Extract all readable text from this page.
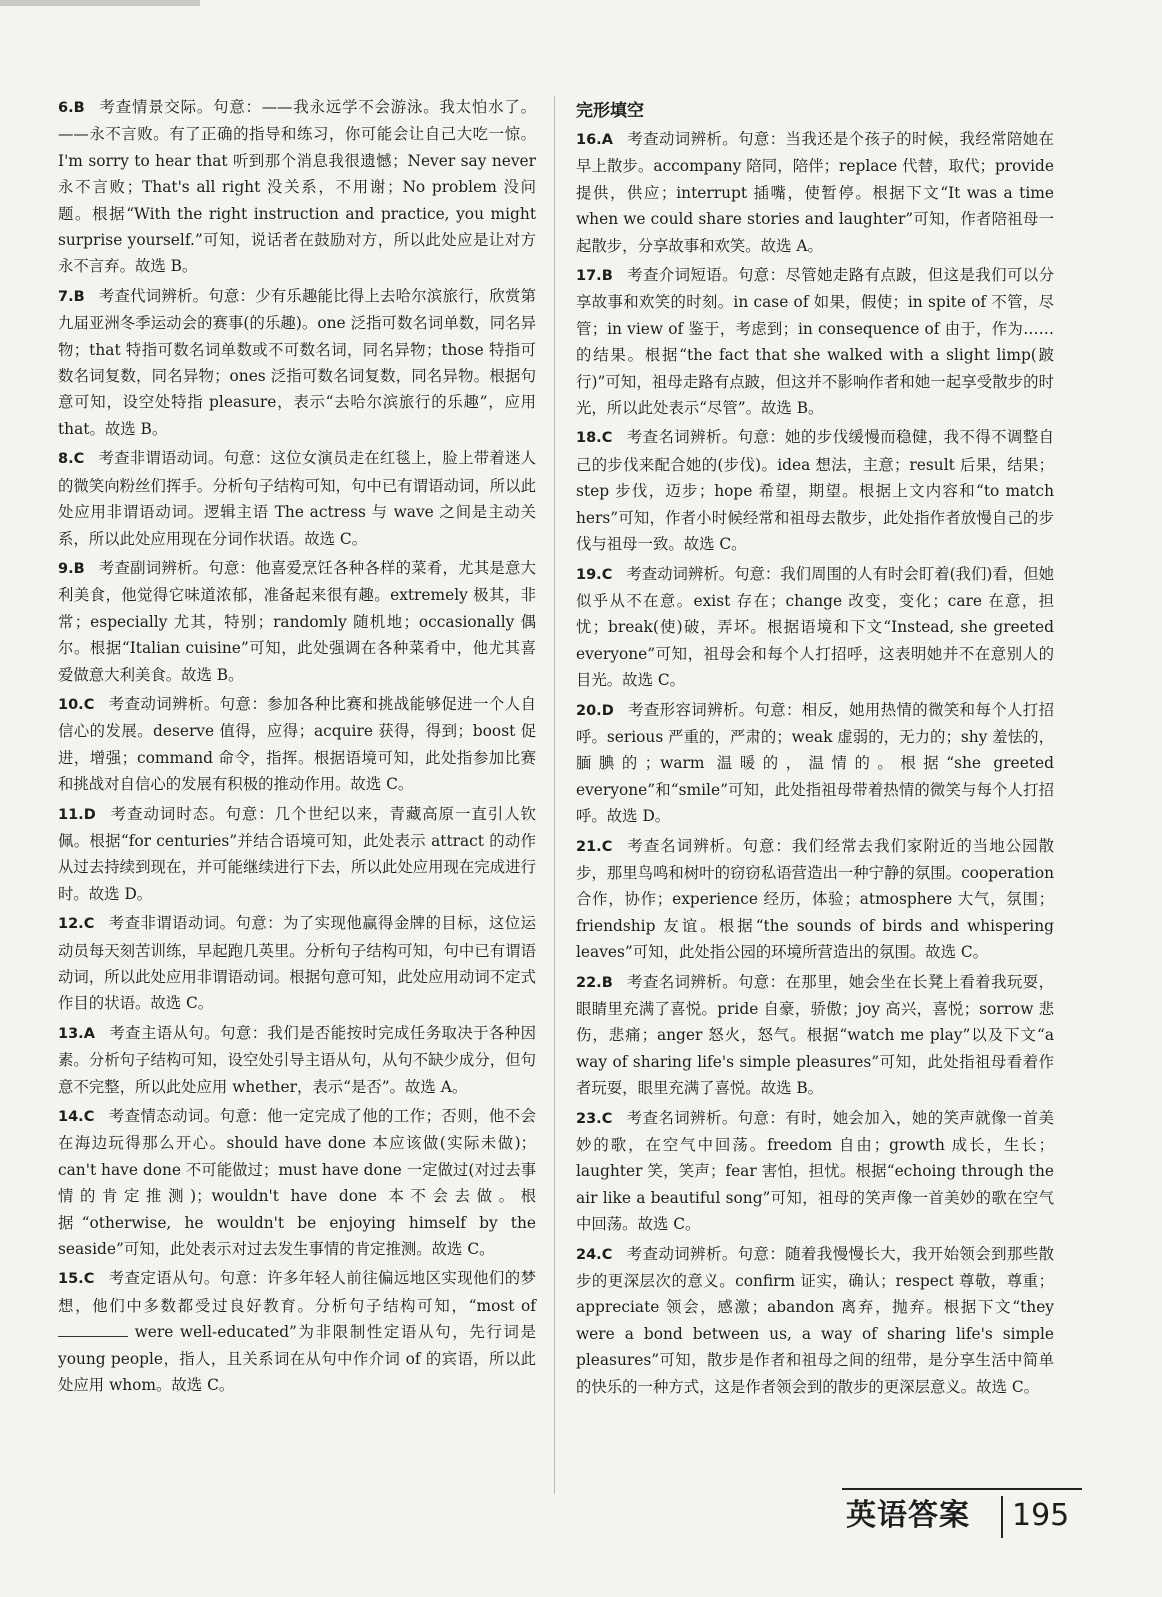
6.B 考查情景交际。句意：——我永远学不会游泳。我太怕水了。——永不言败。有了正确的指导和练习，你可能会让自己大吃一惊。I'm sorry to hear that 听到那个消息我很遗憾；Never say never 永不言败；That's all right 没关系，不用谢；No problem 没问题。根据“With the right instruction and practice, you might surprise yourself.”可知，说话者在鼓励对方，所以此处应是让对方永不言弃。故选 B。
7.B 考查代词辨析。句意：少有乐趣能比得上去哈尔滨旅行，欣赏第九届亚洲冬季运动会的赛事(的乐趣)。one 泛指可数名词单数，同名异物；that 特指可数名词单数或不可数名词，同名异物；those 特指可数名词复数，同名异物；ones 泛指可数名词复数，同名异物。根据句意可知，设空处特指 pleasure，表示“去哈尔滨旅行的乐趣”，应用 that。故选 B。
8.C 考查非谓语动词。句意：这位女演员走在红毯上，脸上带着迷人的微笑向粉丝们挥手。分析句子结构可知，句中已有谓语动词，所以此处应用非谓语动词。逻辑主语 The actress 与 wave 之间是主动关系，所以此处应用现在分词作状语。故选 C。
9.B 考查副词辨析。句意：他喜爱烹饪各种各样的菜肴，尤其是意大利美食，他觉得它味道浓郁，准备起来很有趣。extremely 极其，非常；especially 尤其，特别；randomly 随机地；occasionally 偶尔。根据“Italian cuisine”可知，此处强调在各种菜肴中，他尤其喜爱做意大利美食。故选 B。
10.C 考查动词辨析。句意：参加各种比赛和挑战能够促进一个人自信心的发展。deserve 值得，应得；acquire 获得，得到；boost 促进，增强；command 命令，指挥。根据语境可知，此处指参加比赛和挑战对自信心的发展有积极的推动作用。故选 C。
11.D 考查动词时态。句意：几个世纪以来，青藏高原一直引人钦佩。根据“for centuries”并结合语境可知，此处表示 attract 的动作从过去持续到现在，并可能继续进行下去，所以此处应用现在完成进行时。故选 D。
12.C 考查非谓语动词。句意：为了实现他赢得金牌的目标，这位运动员每天刻苦训练，早起跑几英里。分析句子结构可知，句中已有谓语动词，所以此处应用非谓语动词。根据句意可知，此处应用动词不定式作目的状语。故选 C。
13.A 考查主语从句。句意：我们是否能按时完成任务取决于各种因素。分析句子结构可知，设空处引导主语从句，从句不缺少成分，但句意不完整，所以此处应用 whether，表示“是否”。故选 A。
14.C 考查情态动词。句意：他一定完成了他的工作；否则，他不会在海边玩得那么开心。should have done 本应该做(实际未做)；can't have done 不可能做过；must have done 一定做过(对过去事情的肯定推测)；wouldn't have done 本不会去做。根据“otherwise, he wouldn't be enjoying himself by the seaside”可知，此处表示对过去发生事情的肯定推测。故选 C。
15.C 考查定语从句。句意：许多年轻人前往偏远地区实现他们的梦想，他们中多数都受过良好教育。分析句子结构可知，“most of were well-educated”为非限制性定语从句，先行词是 young people，指人，且关系词在从句中作介词 of 的宾语，所以此处应用 whom。故选 C。
完形填空
16.A 考查动词辨析。句意：当我还是个孩子的时候，我经常陪她在早上散步。accompany 陪同，陪伴；replace 代替，取代；provide 提供，供应；interrupt 插嘴，使暂停。根据下文“It was a time when we could share stories and laughter”可知，作者陪祖母一起散步，分享故事和欢笑。故选 A。
17.B 考查介词短语。句意：尽管她走路有点跛，但这是我们可以分享故事和欢笑的时刻。in case of 如果，假使；in spite of 不管，尽管；in view of 鉴于，考虑到；in consequence of 由于，作为……的结果。根据“the fact that she walked with a slight limp(跛行)”可知，祖母走路有点跛，但这并不影响作者和她一起享受散步的时光，所以此处表示“尽管”。故选 B。
18.C 考查名词辨析。句意：她的步伐缓慢而稳健，我不得不调整自己的步伐来配合她的(步伐)。idea 想法，主意；result 后果，结果；step 步伐，迈步；hope 希望，期望。根据上文内容和“to match hers”可知，作者小时候经常和祖母去散步，此处指作者放慢自己的步伐与祖母一致。故选 C。
19.C 考查动词辨析。句意：我们周围的人有时会盯着(我们)看，但她似乎从不在意。exist 存在；change 改变，变化；care 在意，担忧；break(使)破，弄坏。根据语境和下文“Instead, she greeted everyone”可知，祖母会和每个人打招呼，这表明她并不在意别人的目光。故选 C。
20.D 考查形容词辨析。句意：相反，她用热情的微笑和每个人打招呼。serious 严重的，严肃的；weak 虚弱的，无力的；shy 羞怯的，腼腆的；warm 温暖的，温情的。根据“she greeted everyone”和“smile”可知，此处指祖母带着热情的微笑与每个人打招呼。故选 D。
21.C 考查名词辨析。句意：我们经常去我们家附近的当地公园散步，那里鸟鸣和树叶的窃窃私语营造出一种宁静的氛围。cooperation 合作，协作；experience 经历，体验；atmosphere 大气，氛围；friendship 友谊。根据“the sounds of birds and whispering leaves”可知，此处指公园的环境所营造出的氛围。故选 C。
22.B 考查名词辨析。句意：在那里，她会坐在长凳上看着我玩耍，眼睛里充满了喜悦。pride 自豪，骄傲；joy 高兴，喜悦；sorrow 悲伤，悲痛；anger 怒火，怒气。根据“watch me play”以及下文“a way of sharing life's simple pleasures”可知，此处指祖母看着作者玩耍，眼里充满了喜悦。故选 B。
23.C 考查名词辨析。句意：有时，她会加入，她的笑声就像一首美妙的歌，在空气中回荡。freedom 自由；growth 成长，生长；laughter 笑，笑声；fear 害怕，担忧。根据“echoing through the air like a beautiful song”可知，祖母的笑声像一首美妙的歌在空气中回荡。故选 C。
24.C 考查动词辨析。句意：随着我慢慢长大，我开始领会到那些散步的更深层次的意义。confirm 证实，确认；respect 尊敬，尊重；appreciate 领会，感激；abandon 离弃，抛弃。根据下文“they were a bond between us, a way of sharing life's simple pleasures”可知，散步是作者和祖母之间的纽带，是分享生活中简单的快乐的一种方式，这是作者领会到的散步的更深层意义。故选 C。
英语答案 195
